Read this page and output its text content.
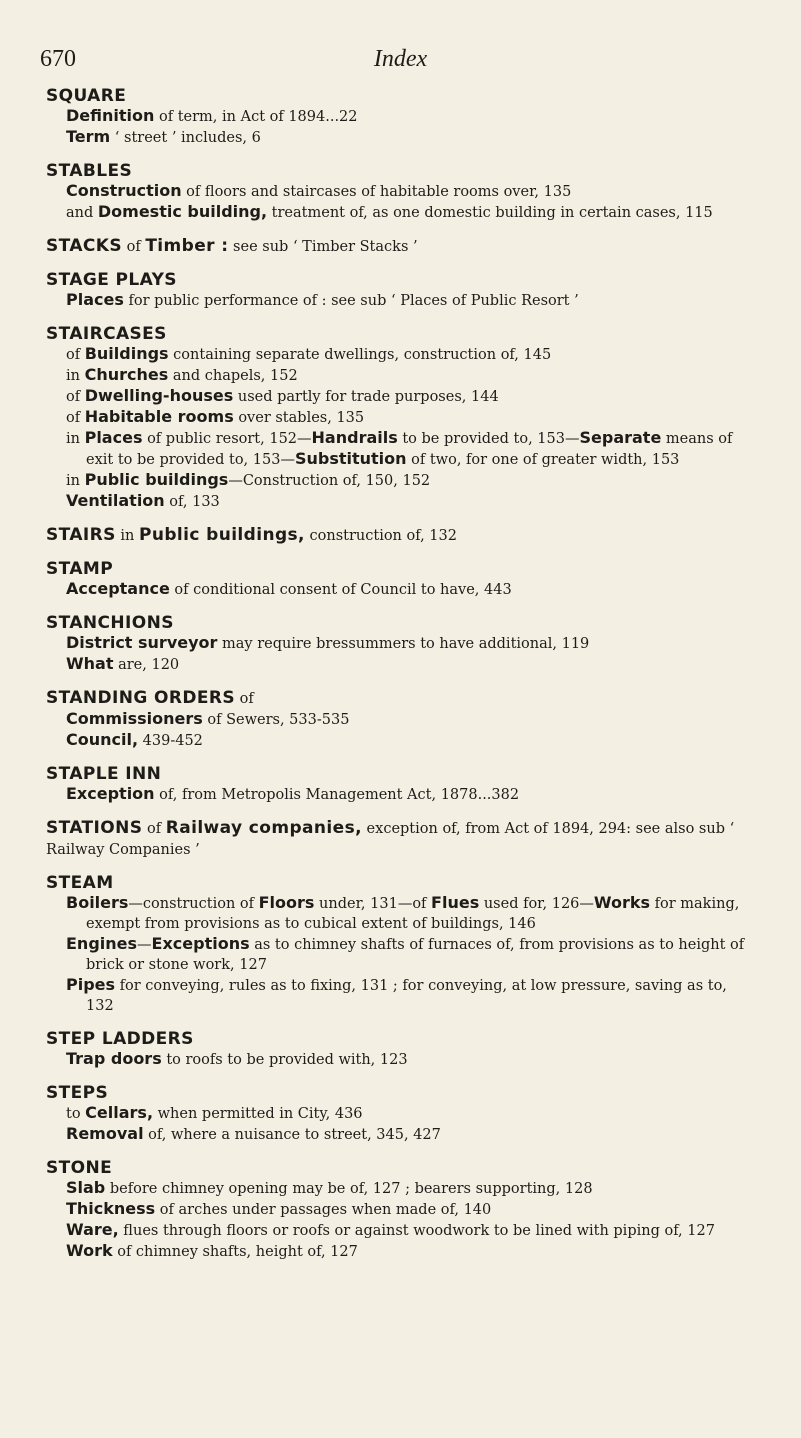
Index
670
SQUARE
Definition of term, in Act of 1894...22
Term ‘ street ’ includes, 6
STABLES
Construction of floors and staircases of habitable rooms over, 135
and Domestic building, treatment of, as one domestic building in certain cases, 115
STACKS of Timber : see sub ‘ Timber Stacks ’
STAGE PLAYS
Places for public performance of : see sub ‘ Places of Public Resort ’
STAIRCASES
of Buildings containing separate dwellings, construction of, 145
in Churches and chapels, 152
of Dwelling-houses used partly for trade purposes, 144
of Habitable rooms over stables, 135
in Places of public resort, 152—Handrails to be provided to, 153—Separate means of exit to be provided to, 153—Substitution of two, for one of greater width, 153
in Public buildings—Construction of, 150, 152
Ventilation of, 133
STAIRS in Public buildings, construction of, 132
STAMP
Acceptance of conditional consent of Council to have, 443
STANCHIONS
District surveyor may require bressummers to have additional, 119
What are, 120
STANDING ORDERS of
Commissioners of Sewers, 533-535
Council, 439-452
STAPLE INN
Exception of, from Metropolis Management Act, 1878...382
STATIONS of Railway companies, exception of, from Act of 1894, 294: see also sub ‘ Railway Companies ’
STEAM
Boilers—construction of Floors under, 131—of Flues used for, 126—Works for making, exempt from provisions as to cubical extent of buildings, 146
Engines—Exceptions as to chimney shafts of furnaces of, from provisions as to height of brick or stone work, 127
Pipes for conveying, rules as to fixing, 131 ; for conveying, at low pressure, saving as to, 132
STEP LADDERS
Trap doors to roofs to be provided with, 123
STEPS
to Cellars, when permitted in City, 436
Removal of, where a nuisance to street, 345, 427
STONE
Slab before chimney opening may be of, 127 ; bearers supporting, 128
Thickness of arches under passages when made of, 140
Ware, flues through floors or roofs or against woodwork to be lined with piping of, 127
Work of chimney shafts, height of, 127
